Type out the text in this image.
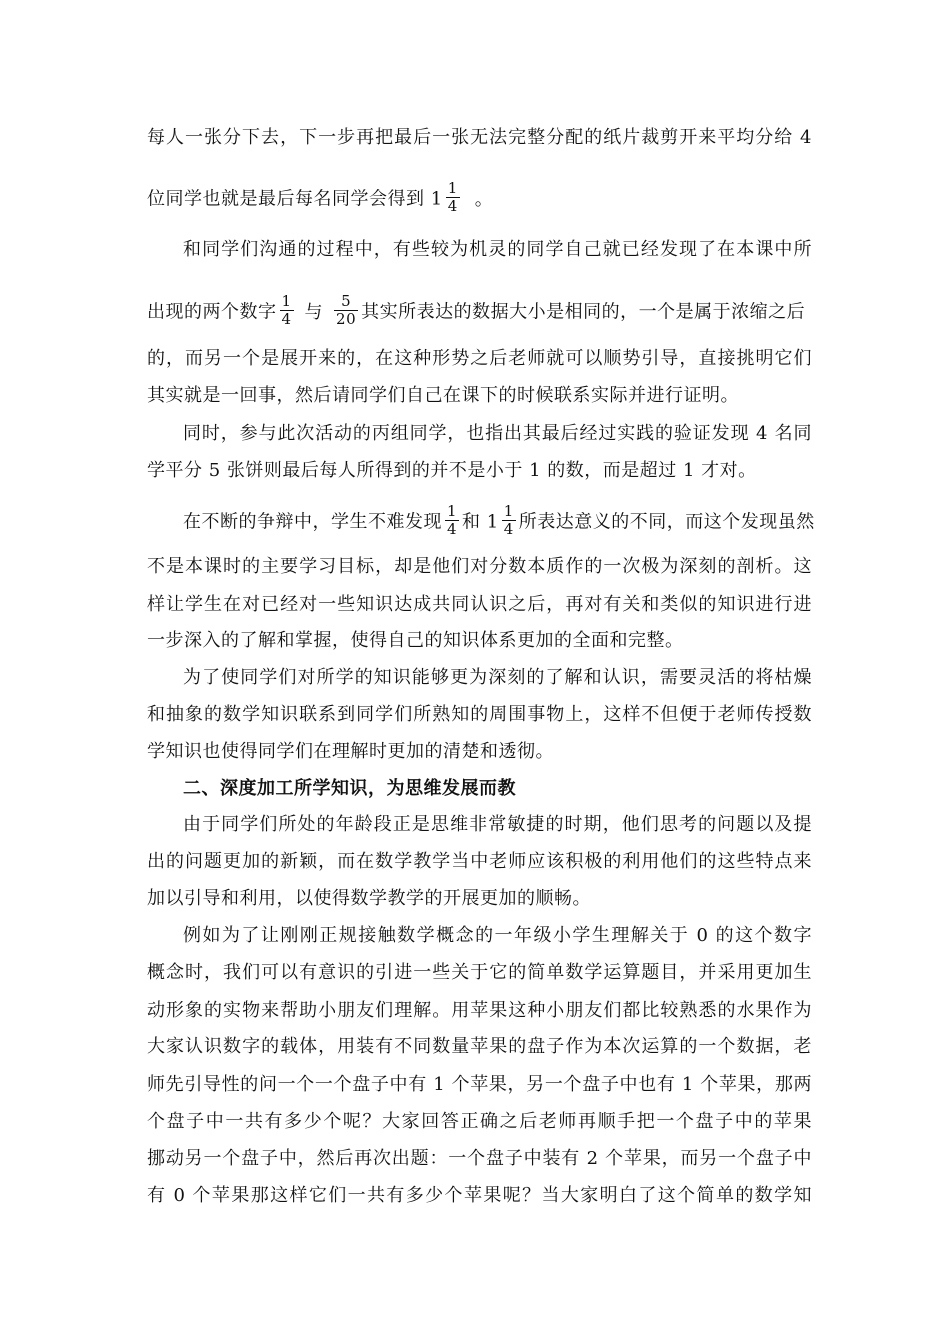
每人一张分下去，下一步再把最后一张无法完整分配的纸片裁剪开来平均分给 4
位同学也就是最后每名同学会得到 $1 \frac{1}{4}$ 。
和同学们沟通的过程中，有些较为机灵的同学自己就已经发现了在本课中所
出现的两个数字 $\frac{1}{4}$ 与 $\frac{5}{20}$ 其实所表达的数据大小是相同的，一个是属于浓缩之后
的，而另一个是展开来的，在这种形势之后老师就可以顺势引导，直接挑明它们
其实就是一回事，然后请同学们自己在课下的时候联系实际并进行证明。
同时，参与此次活动的丙组同学，也指出其最后经过实践的验证发现 4 名同
学平分 5 张饼则最后每人所得到的并不是小于 1 的数，而是超过 1 才对。
在不断的争辩中，学生不难发现 $\frac{1}{4}$ 和 $1 \frac{1}{4}$ 所表达意义的不同，而这个发现虽然
不是本课时的主要学习目标，却是他们对分数本质作的一次极为深刻的剖析。这
样让学生在对已经对一些知识达成共同认识之后，再对有关和类似的知识进行进
一步深入的了解和掌握，使得自己的知识体系更加的全面和完整。
为了使同学们对所学的知识能够更为深刻的了解和认识，需要灵活的将枯燥
和抽象的数学知识联系到同学们所熟知的周围事物上，这样不但便于老师传授数
学知识也使得同学们在理解时更加的清楚和透彻。
二、深度加工所学知识，为思维发展而教
由于同学们所处的年龄段正是思维非常敏捷的时期，他们思考的问题以及提
出的问题更加的新颖，而在数学教学当中老师应该积极的利用他们的这些特点来
加以引导和利用，以使得数学教学的开展更加的顺畅。
例如为了让刚刚正规接触数学概念的一年级小学生理解关于 0 的这个数字
概念时，我们可以有意识的引进一些关于它的简单数学运算题目，并采用更加生
动形象的实物来帮助小朋友们理解。用苹果这种小朋友们都比较熟悉的水果作为
大家认识数字的载体，用装有不同数量苹果的盘子作为本次运算的一个数据，老
师先引导性的问一个一个盘子中有 1 个苹果，另一个盘子中也有 1 个苹果，那两
个盘子中一共有多少个呢？大家回答正确之后老师再顺手把一个盘子中的苹果
挪动另一个盘子中，然后再次出题：一个盘子中装有 2 个苹果，而另一个盘子中
有 0 个苹果那这样它们一共有多少个苹果呢？当大家明白了这个简单的数学知
